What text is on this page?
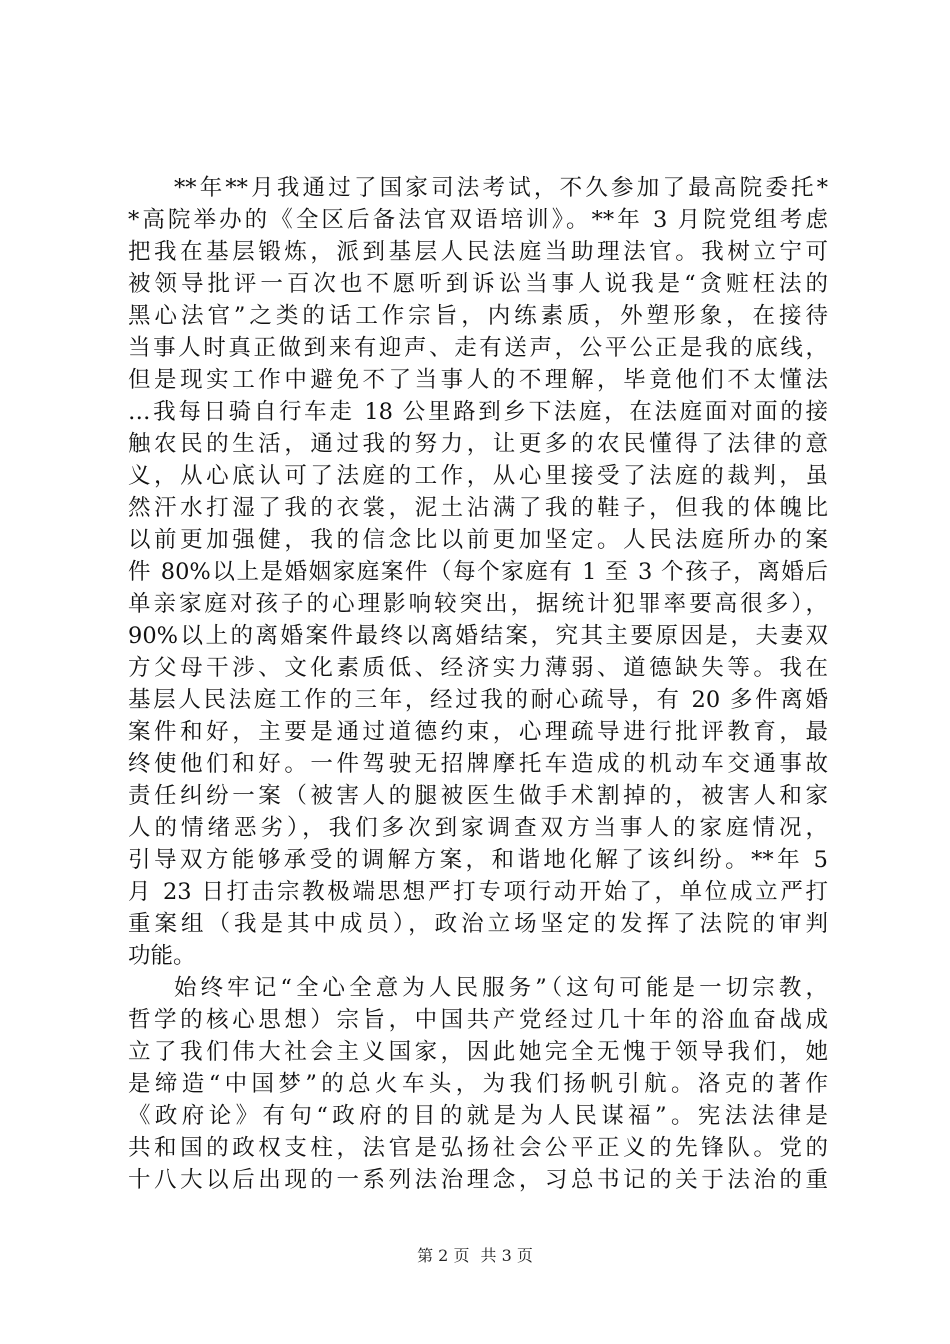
**年**月我通过了国家司法考试，不久参加了最高院委托*
*高院举办的《全区后备法官双语培训》。**年 3 月院党组考虑
把我在基层锻炼，派到基层人民法庭当助理法官。我树立宁可
被领导批评一百次也不愿听到诉讼当事人说我是“贪赃枉法的
黑心法官”之类的话工作宗旨，内练素质，外塑形象，在接待
当事人时真正做到来有迎声、走有送声，公平公正是我的底线，
但是现实工作中避免不了当事人的不理解，毕竟他们不太懂法
…我每日骑自行车走 18 公里路到乡下法庭，在法庭面对面的接
触农民的生活，通过我的努力，让更多的农民懂得了法律的意
义，从心底认可了法庭的工作，从心里接受了法庭的裁判，虽
然汗水打湿了我的衣裳，泥土沾满了我的鞋子，但我的体魄比
以前更加强健，我的信念比以前更加坚定。人民法庭所办的案
件 80%以上是婚姻家庭案件（每个家庭有 1 至 3 个孩子，离婚后
单亲家庭对孩子的心理影响较突出，据统计犯罪率要高很多），
90%以上的离婚案件最终以离婚结案，究其主要原因是，夫妻双
方父母干涉、文化素质低、经济实力薄弱、道德缺失等。我在
基层人民法庭工作的三年，经过我的耐心疏导，有 20 多件离婚
案件和好，主要是通过道德约束，心理疏导进行批评教育，最
终使他们和好。一件驾驶无招牌摩托车造成的机动车交通事故
责任纠纷一案（被害人的腿被医生做手术割掉的，被害人和家
人的情绪恶劣），我们多次到家调查双方当事人的家庭情况，
引导双方能够承受的调解方案，和谐地化解了该纠纷。**年 5
月 23 日打击宗教极端思想严打专项行动开始了，单位成立严打
重案组（我是其中成员），政治立场坚定的发挥了法院的审判
功能。
始终牢记“全心全意为人民服务”（这句可能是一切宗教，
哲学的核心思想）宗旨，中国共产党经过几十年的浴血奋战成
立了我们伟大社会主义国家，因此她完全无愧于领导我们，她
是缔造“中国梦”的总火车头，为我们扬帆引航。洛克的著作
《政府论》有句“政府的目的就是为人民谋福”。宪法法律是
共和国的政权支柱，法官是弘扬社会公平正义的先锋队。党的
十八大以后出现的一系列法治理念，习总书记的关于法治的重
第 2 页 共 3 页
